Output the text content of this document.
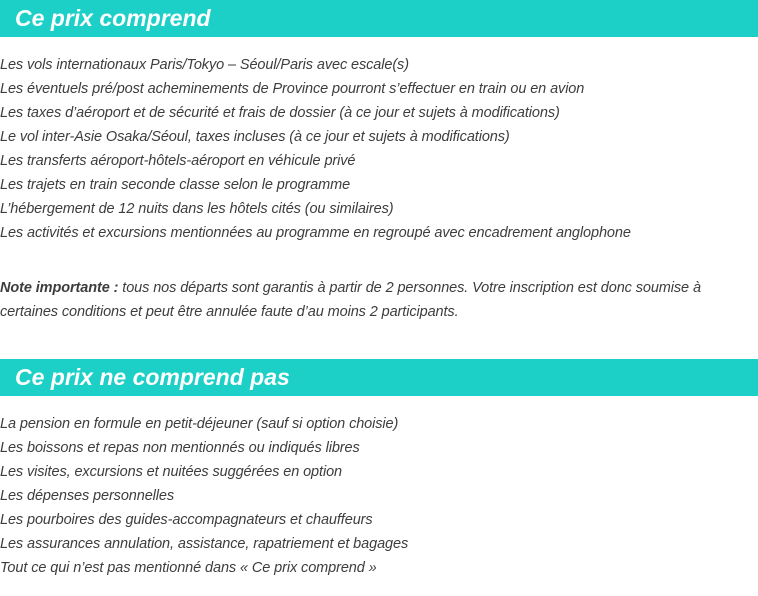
Ce prix comprend
Les vols internationaux Paris/Tokyo – Séoul/Paris avec escale(s)
Les éventuels pré/post acheminements de Province pourront s’effectuer en train ou en avion
Les taxes d’aéroport et de sécurité et frais de dossier (à ce jour et sujets à modifications)
Le vol inter-Asie Osaka/Séoul, taxes incluses (à ce jour et sujets à modifications)
Les transferts aéroport-hôtels-aéroport en véhicule privé
Les trajets en train seconde classe selon le programme
L’hébergement de 12 nuits dans les hôtels cités (ou similaires)
Les activités et excursions mentionnées au programme en regroupé avec encadrement anglophone

Note importante : tous nos départs sont garantis à partir de 2 personnes. Votre inscription est donc soumise à certaines conditions et peut être annulée faute d’au moins 2 participants.

Ce prix ne comprend pas
La pension en formule en petit-déjeuner (sauf si option choisie)
Les boissons et repas non mentionnés ou indiqués libres
Les visites, excursions et nuitées suggérées en option
Les dépenses personnelles
Les pourboires des guides-accompagnateurs et chauffeurs
Les assurances annulation, assistance, rapatriement et bagages
Tout ce qui n’est pas mentionné dans « Ce prix comprend »
